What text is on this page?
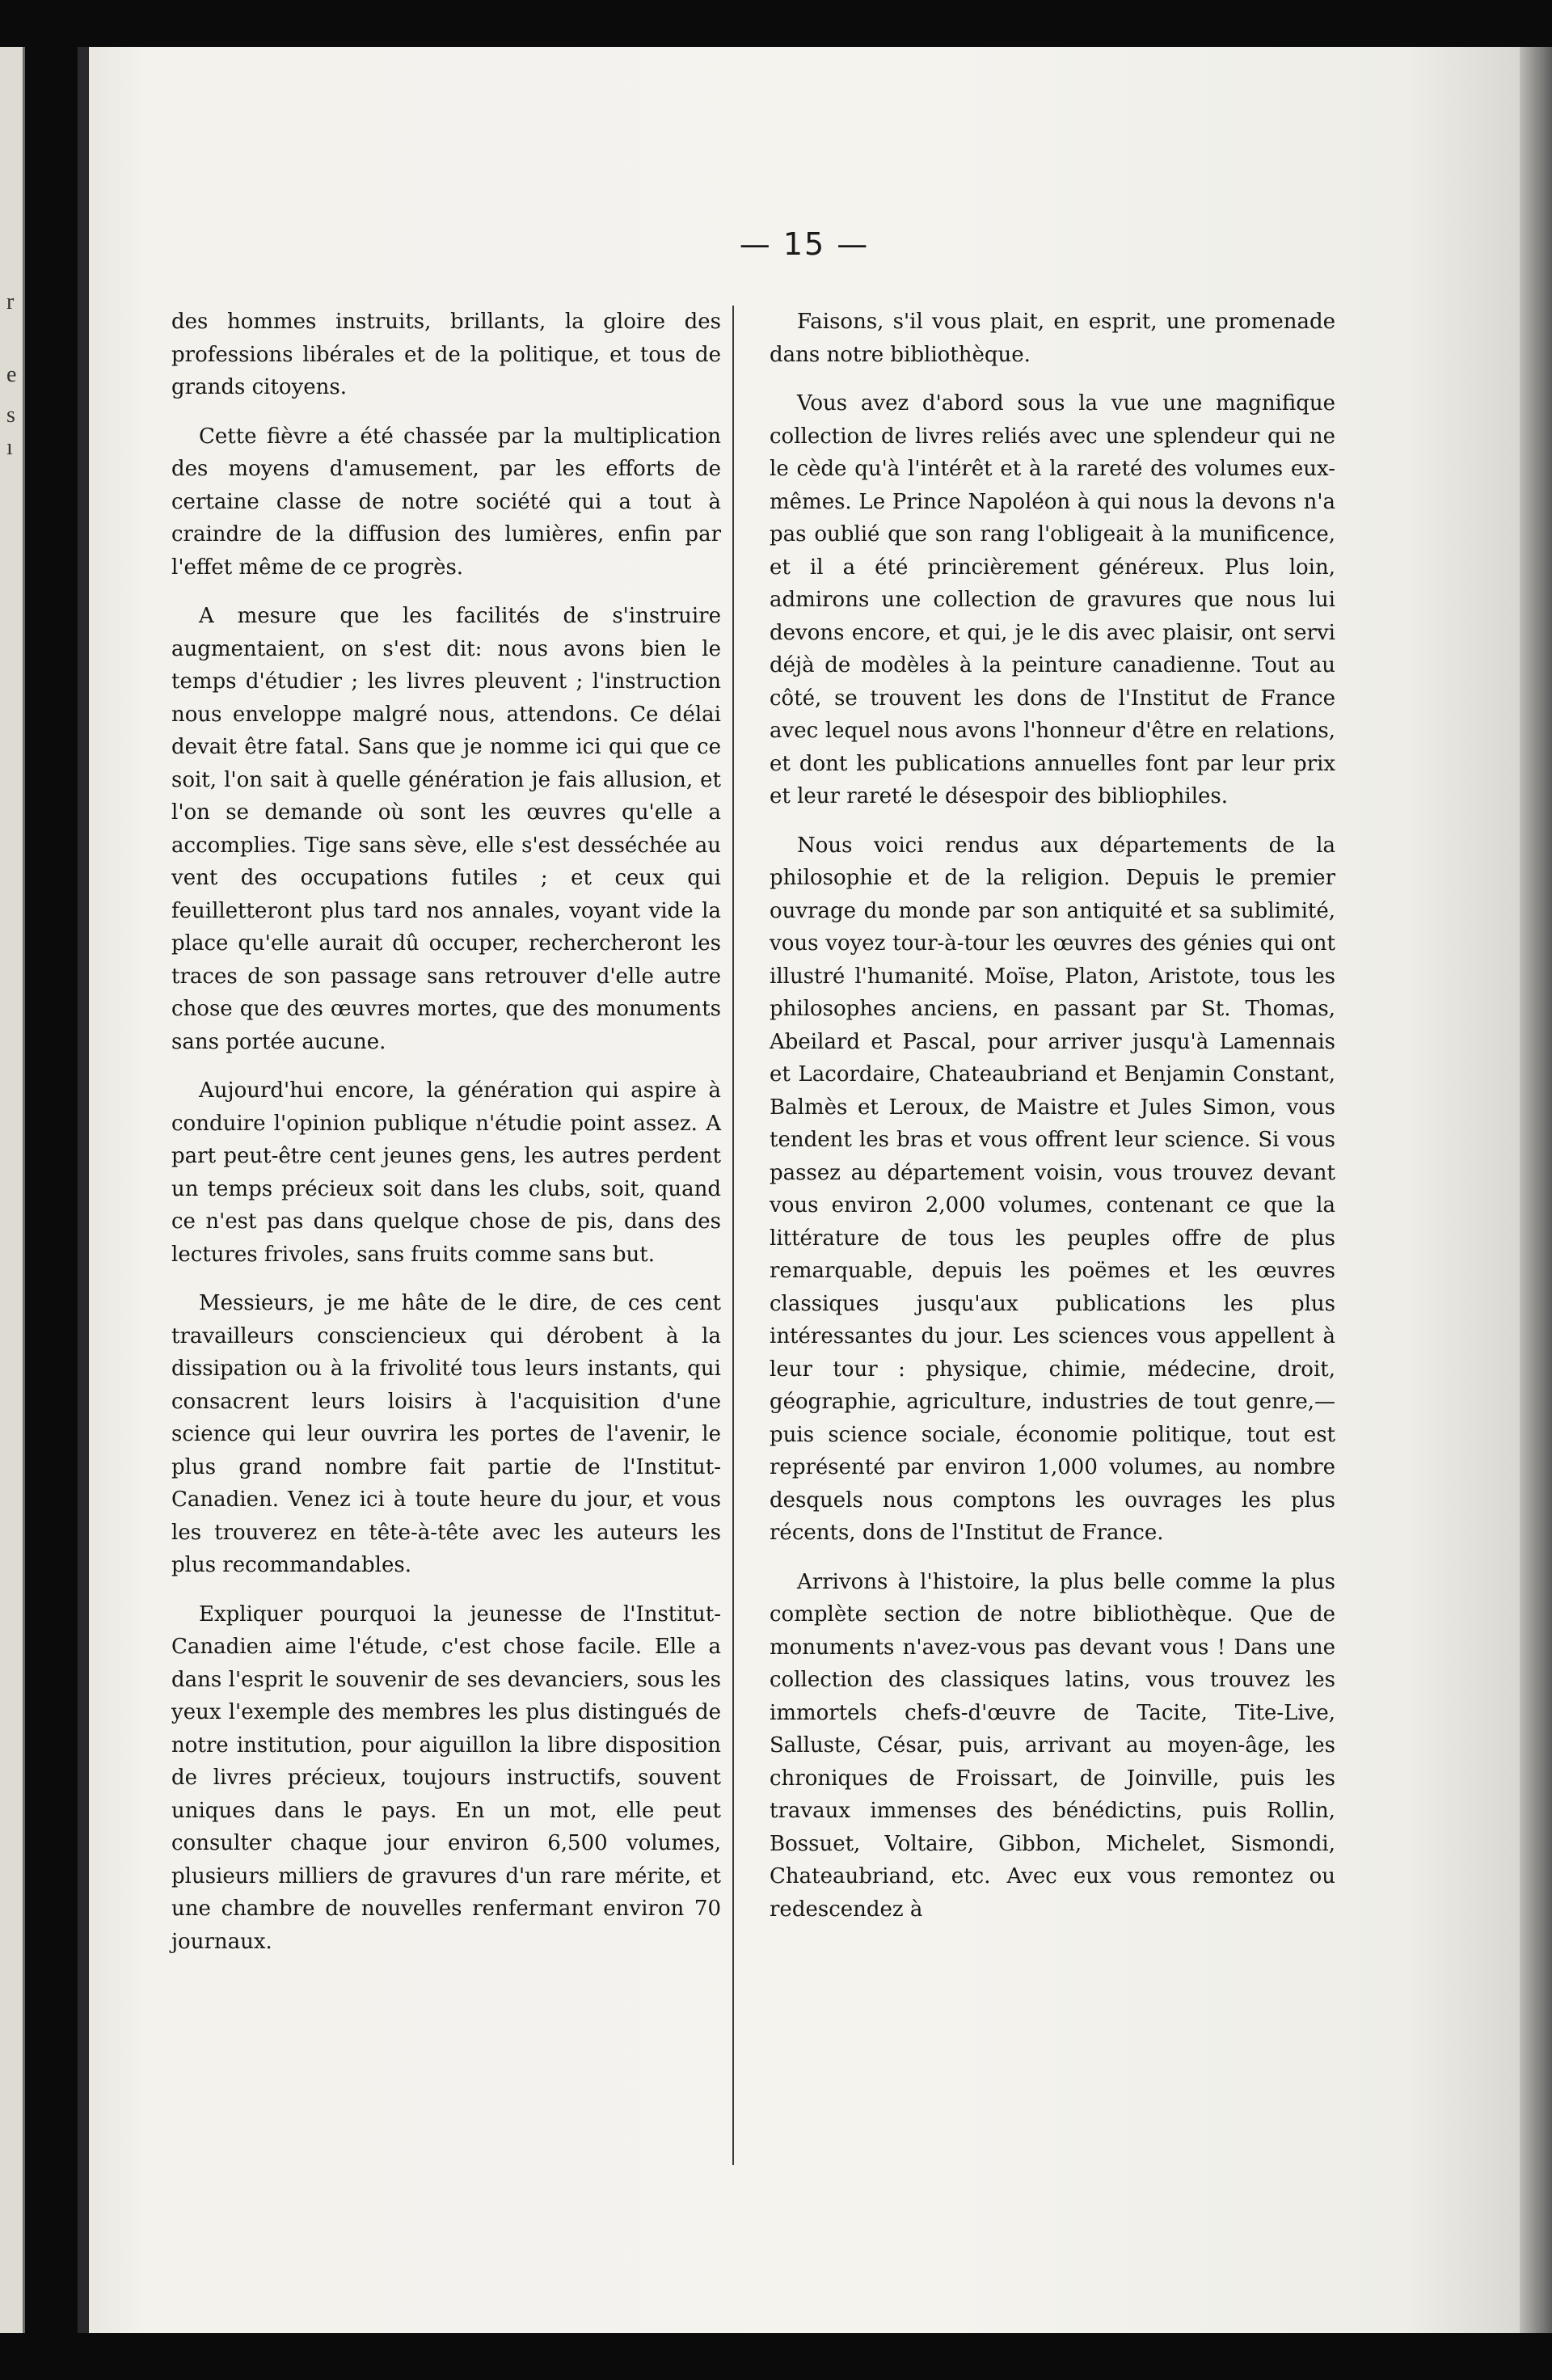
r
e
s
ı
— 15 —

des hommes instruits, brillants, la gloire des professions libérales et de la politique, et tous de grands citoyens.

Cette fièvre a été chassée par la multiplication des moyens d'amusement, par les efforts de certaine classe de notre société qui a tout à craindre de la diffusion des lumières, enfin par l'effet même de ce progrès.

A mesure que les facilités de s'instruire augmentaient, on s'est dit: nous avons bien le temps d'étudier ; les livres pleuvent ; l'instruction nous enveloppe malgré nous, attendons. Ce délai devait être fatal. Sans que je nomme ici qui que ce soit, l'on sait à quelle génération je fais allusion, et l'on se demande où sont les œuvres qu'elle a accomplies. Tige sans sève, elle s'est desséchée au vent des occupations futiles ; et ceux qui feuilletteront plus tard nos annales, voyant vide la place qu'elle aurait dû occuper, rechercheront les traces de son passage sans retrouver d'elle autre chose que des œuvres mortes, que des monuments sans portée aucune.

Aujourd'hui encore, la génération qui aspire à conduire l'opinion publique n'étudie point assez. A part peut-être cent jeunes gens, les autres perdent un temps précieux soit dans les clubs, soit, quand ce n'est pas dans quelque chose de pis, dans des lectures frivoles, sans fruits comme sans but.

Messieurs, je me hâte de le dire, de ces cent travailleurs consciencieux qui dérobent à la dissipation ou à la frivolité tous leurs instants, qui consacrent leurs loisirs à l'acquisition d'une science qui leur ouvrira les portes de l'avenir, le plus grand nombre fait partie de l'Institut-Canadien. Venez ici à toute heure du jour, et vous les trouverez en tête-à-tête avec les auteurs les plus recommandables.

Expliquer pourquoi la jeunesse de l'Institut-Canadien aime l'étude, c'est chose facile. Elle a dans l'esprit le souvenir de ses devanciers, sous les yeux l'exemple des membres les plus distingués de notre institution, pour aiguillon la libre disposition de livres précieux, toujours instructifs, souvent uniques dans le pays. En un mot, elle peut consulter chaque jour environ 6,500 volumes, plusieurs milliers de gravures d'un rare mérite, et une chambre de nouvelles renfermant environ 70 journaux.

Faisons, s'il vous plait, en esprit, une promenade dans notre bibliothèque.

Vous avez d'abord sous la vue une magnifique collection de livres reliés avec une splendeur qui ne le cède qu'à l'intérêt et à la rareté des volumes eux-mêmes. Le Prince Napoléon à qui nous la devons n'a pas oublié que son rang l'obligeait à la munificence, et il a été princièrement généreux. Plus loin, admirons une collection de gravures que nous lui devons encore, et qui, je le dis avec plaisir, ont servi déjà de modèles à la peinture canadienne. Tout au côté, se trouvent les dons de l'Institut de France avec lequel nous avons l'honneur d'être en relations, et dont les publications annuelles font par leur prix et leur rareté le désespoir des bibliophiles.

Nous voici rendus aux départements de la philosophie et de la religion. Depuis le premier ouvrage du monde par son antiquité et sa sublimité, vous voyez tour-à-tour les œuvres des génies qui ont illustré l'humanité. Moïse, Platon, Aristote, tous les philosophes anciens, en passant par St. Thomas, Abeilard et Pascal, pour arriver jusqu'à Lamennais et Lacordaire, Chateaubriand et Benjamin Constant, Balmès et Leroux, de Maistre et Jules Simon, vous tendent les bras et vous offrent leur science. Si vous passez au département voisin, vous trouvez devant vous environ 2,000 volumes, contenant ce que la littérature de tous les peuples offre de plus remarquable, depuis les poëmes et les œuvres classiques jusqu'aux publications les plus intéressantes du jour. Les sciences vous appellent à leur tour : physique, chimie, médecine, droit, géographie, agriculture, industries de tout genre,—puis science sociale, économie politique, tout est représenté par environ 1,000 volumes, au nombre desquels nous comptons les ouvrages les plus récents, dons de l'Institut de France.

Arrivons à l'histoire, la plus belle comme la plus complète section de notre bibliothèque. Que de monuments n'avez-vous pas devant vous ! Dans une collection des classiques latins, vous trouvez les immortels chefs-d'œuvre de Tacite, Tite-Live, Salluste, César, puis, arrivant au moyen-âge, les chroniques de Froissart, de Joinville, puis les travaux immenses des bénédictins, puis Rollin, Bossuet, Voltaire, Gibbon, Michelet, Sismondi, Chateaubriand, etc. Avec eux vous remontez ou redescendez à
